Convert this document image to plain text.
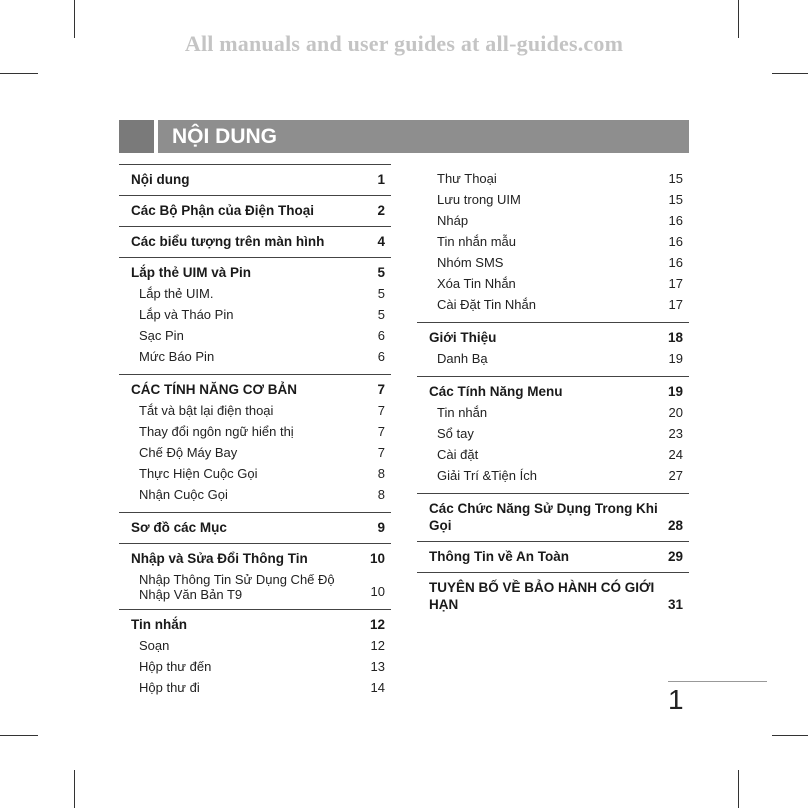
All manuals and user guides at all-guides.com
NỘI DUNG
Nội dung	1
Các Bộ Phận của Điện Thoại	2
Các biểu tượng trên màn hình	4
Lắp thẻ UIM và Pin	5
Lắp thẻ UIM.	5
Lắp và Tháo Pin	5
Sạc Pin	6
Mức Báo Pin	6
CÁC TÍNH NĂNG CƠ BẢN	7
Tắt và bật lại điện thoại	7
Thay đổi ngôn ngữ hiển thị	7
Chế Độ Máy Bay	7
Thực Hiện Cuộc Gọi	8
Nhận Cuộc Gọi	8
Sơ đồ các Mục	9
Nhập và Sửa Đổi Thông Tin	10
Nhập Thông Tin Sử Dụng Chế Độ Nhập Văn Bản T9	10
Tin nhắn	12
Soạn	12
Hộp thư đến	13
Hộp thư đi	14
Thư Thoại	15
Lưu trong UIM	15
Nháp	16
Tin nhắn mẫu	16
Nhóm SMS	16
Xóa Tin Nhắn	17
Cài Đặt Tin Nhắn	17
Giới Thiệu	18
Danh Bạ	19
Các Tính Năng Menu	19
Tin nhắn	20
Sổ tay	23
Cài đặt	24
Giải Trí &Tiện Ích	27
Các Chức Năng Sử Dụng Trong Khi Gọi	28
Thông Tin về An Toàn	29
TUYÊN BỐ VỀ BẢO HÀNH CÓ GIỚI HẠN	31
1
